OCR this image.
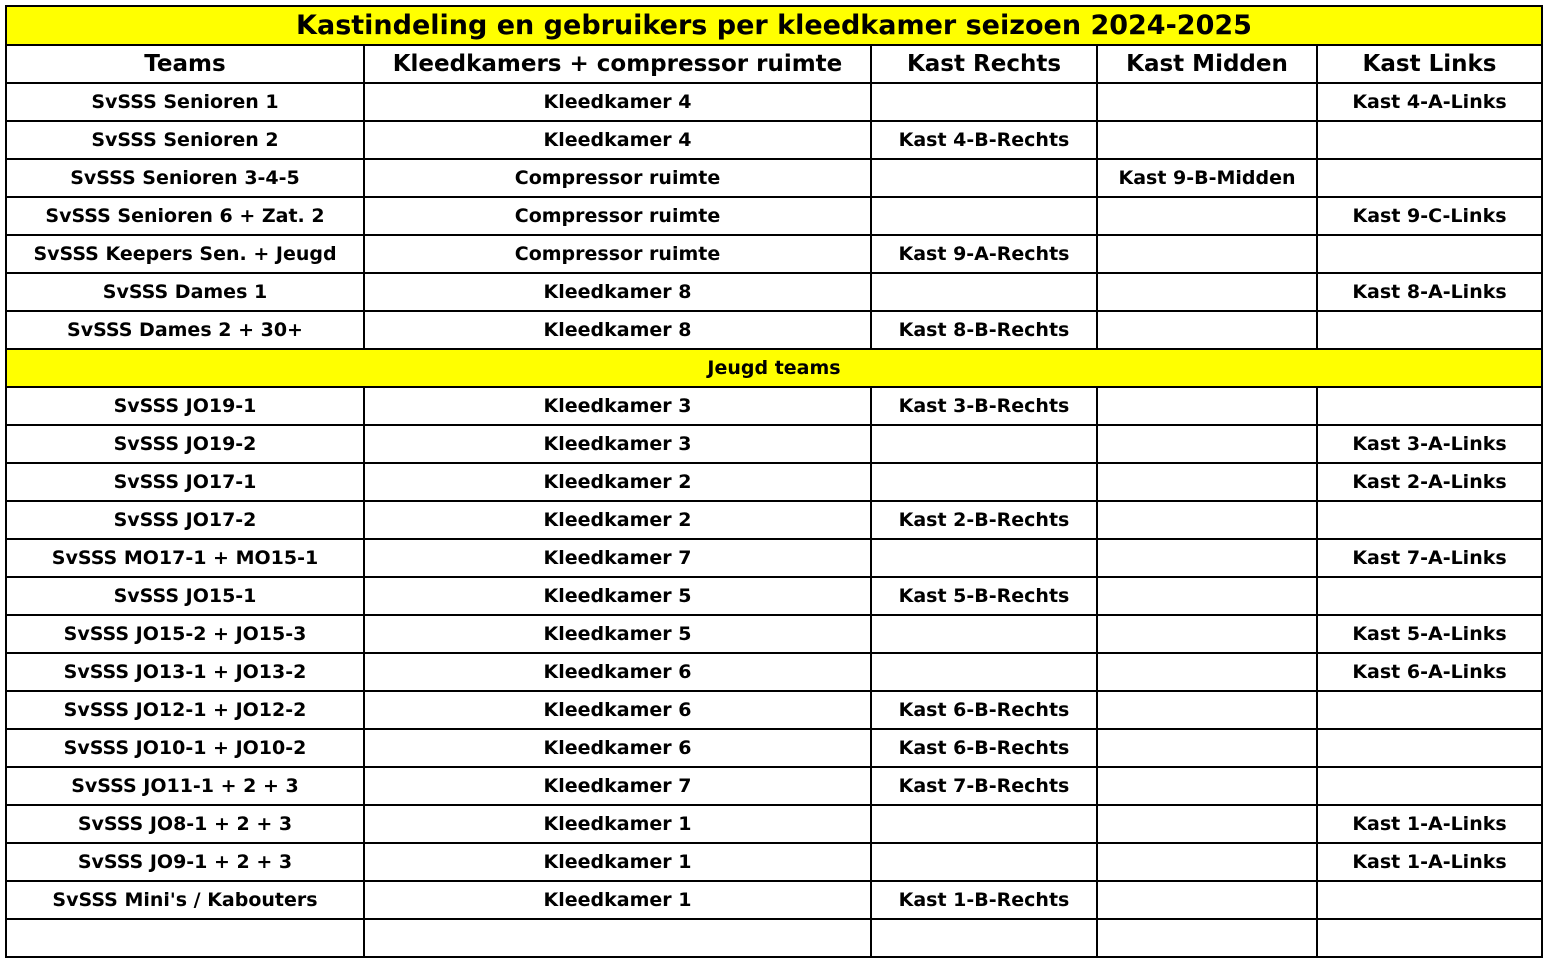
Kastindeling en gebruikers per kleedkamer seizoen 2024-2025				
Teams	Kleedkamers + compressor ruimte	Kast Rechts	Kast Midden	Kast Links
SvSSS Senioren 1	Kleedkamer 4			Kast 4-A-Links
SvSSS Senioren 2	Kleedkamer 4	Kast 4-B-Rechts		
SvSSS Senioren 3-4-5	Compressor ruimte		Kast 9-B-Midden	
SvSSS Senioren 6 + Zat. 2	Compressor ruimte			Kast 9-C-Links
SvSSS Keepers Sen. + Jeugd	Compressor ruimte	Kast 9-A-Rechts		
SvSSS Dames 1	Kleedkamer 8			Kast 8-A-Links
SvSSS Dames 2 + 30+	Kleedkamer 8	Kast 8-B-Rechts		
Jeugd teams				
SvSSS JO19-1	Kleedkamer 3	Kast 3-B-Rechts		
SvSSS JO19-2	Kleedkamer 3			Kast 3-A-Links
SvSSS JO17-1	Kleedkamer 2			Kast 2-A-Links
SvSSS JO17-2	Kleedkamer 2	Kast 2-B-Rechts		
SvSSS MO17-1 + MO15-1	Kleedkamer 7			Kast 7-A-Links
SvSSS JO15-1	Kleedkamer 5	Kast 5-B-Rechts		
SvSSS JO15-2 + JO15-3	Kleedkamer 5			Kast 5-A-Links
SvSSS JO13-1 + JO13-2	Kleedkamer 6			Kast 6-A-Links
SvSSS JO12-1 + JO12-2	Kleedkamer 6	Kast 6-B-Rechts		
SvSSS JO10-1 + JO10-2	Kleedkamer 6	Kast 6-B-Rechts		
SvSSS JO11-1 + 2 + 3	Kleedkamer 7	Kast 7-B-Rechts		
SvSSS JO8-1 + 2 + 3	Kleedkamer 1			Kast 1-A-Links
SvSSS JO9-1 + 2 + 3	Kleedkamer 1			Kast 1-A-Links
SvSSS Mini's / Kabouters	Kleedkamer 1	Kast 1-B-Rechts		
